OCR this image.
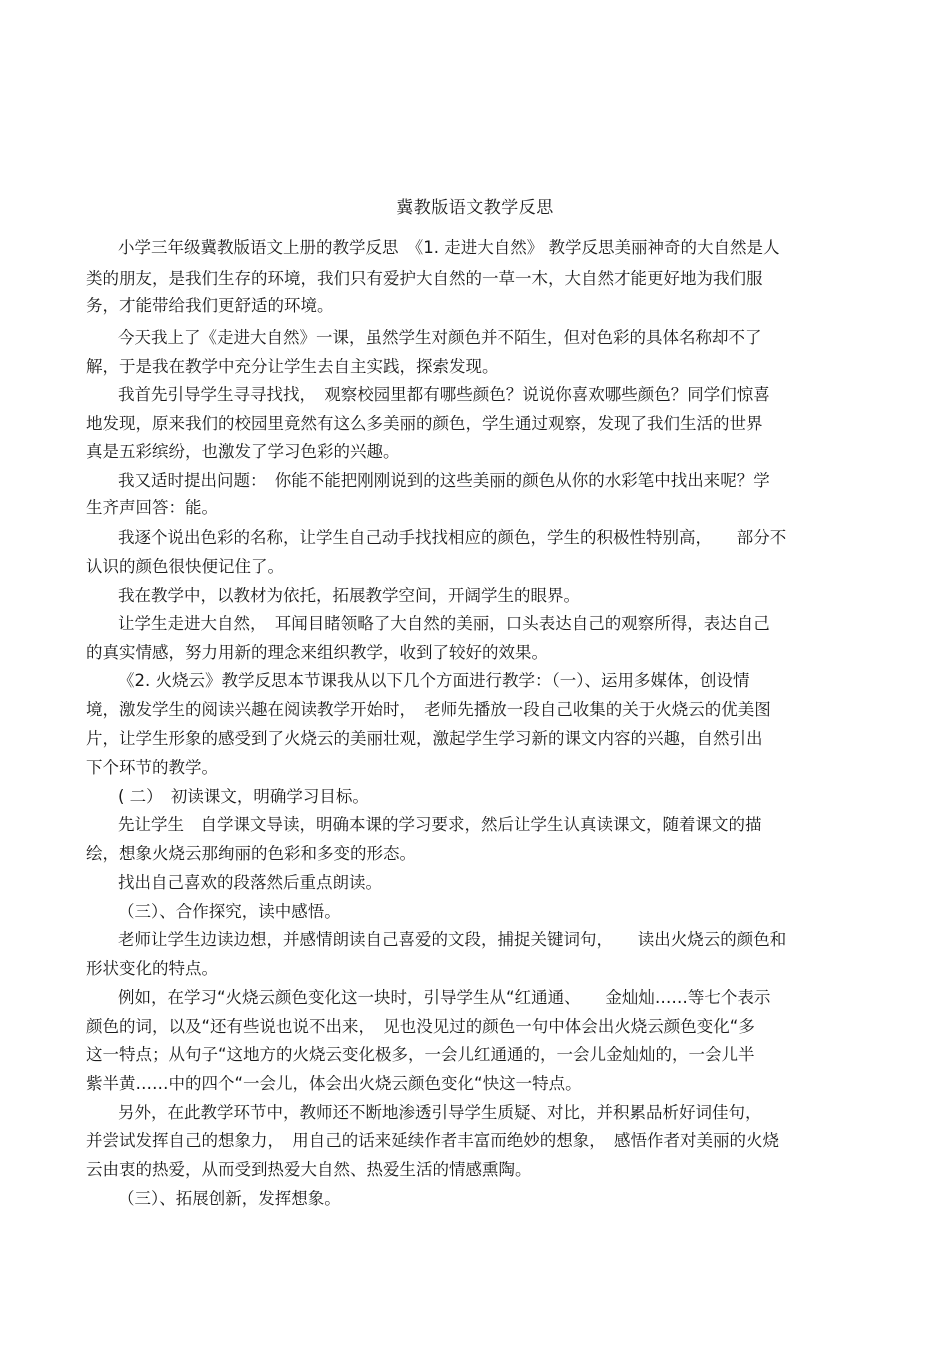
冀教版语文教学反思
小学三年级冀教版语文上册的教学反思　《1. 走进大自然》 教学反思美丽神奇的大自然是人
类的朋友，是我们生存的环境，我们只有爱护大自然的一草一木，大自然才能更好地为我们服
务，才能带给我们更舒适的环境。
今天我上了《走进大自然》一课，虽然学生对颜色并不陌生，但对色彩的具体名称却不了
解，于是我在教学中充分让学生去自主实践，探索发现。
我首先引导学生寻寻找找，　观察校园里都有哪些颜色？说说你喜欢哪些颜色？同学们惊喜
地发现，原来我们的校园里竟然有这么多美丽的颜色，学生通过观察，发现了我们生活的世界
真是五彩缤纷，也激发了学习色彩的兴趣。
我又适时提出问题：　你能不能把刚刚说到的这些美丽的颜色从你的水彩笔中找出来呢？学
生齐声回答：能。
我逐个说出色彩的名称，让学生自己动手找找相应的颜色，学生的积极性特别高，　　部分不
认识的颜色很快便记住了。
我在教学中，以教材为依托，拓展教学空间，开阔学生的眼界。
让学生走进大自然，　耳闻目睹领略了大自然的美丽，口头表达自己的观察所得，表达自己
的真实情感，努力用新的理念来组织教学，收到了较好的效果。
《2. 火烧云》教学反思本节课我从以下几个方面进行教学：（一）、运用多媒体，创设情
境，激发学生的阅读兴趣在阅读教学开始时，　老师先播放一段自己收集的关于火烧云的优美图
片，让学生形象的感受到了火烧云的美丽壮观，激起学生学习新的课文内容的兴趣，自然引出
下个环节的教学。
( 二）　初读课文，明确学习目标。
先让学生　自学课文导读，明确本课的学习要求，然后让学生认真读课文，随着课文的描
绘，想象火烧云那绚丽的色彩和多变的形态。
找出自己喜欢的段落然后重点朗读。
（三）、合作探究，读中感悟。
老师让学生边读边想，并感情朗读自己喜爱的文段，捕捉关键词句，　　读出火烧云的颜色和
形状变化的特点。
例如，在学习“火烧云颜色变化这一块时，引导学生从“红通通、　　金灿灿……等七个表示
颜色的词，以及“还有些说也说不出来，　见也没见过的颜色一句中体会出火烧云颜色变化“多
这一特点；从句子“这地方的火烧云变化极多，一会儿红通通的，一会儿金灿灿的，一会儿半
紫半黄……中的四个“一会儿，体会出火烧云颜色变化“快这一特点。
另外，在此教学环节中，教师还不断地渗透引导学生质疑、对比，并积累品析好词佳句，
并尝试发挥自己的想象力，　用自己的话来延续作者丰富而绝妙的想象，　感悟作者对美丽的火烧
云由衷的热爱，从而受到热爱大自然、热爱生活的情感熏陶。
（三）、拓展创新，发挥想象。
